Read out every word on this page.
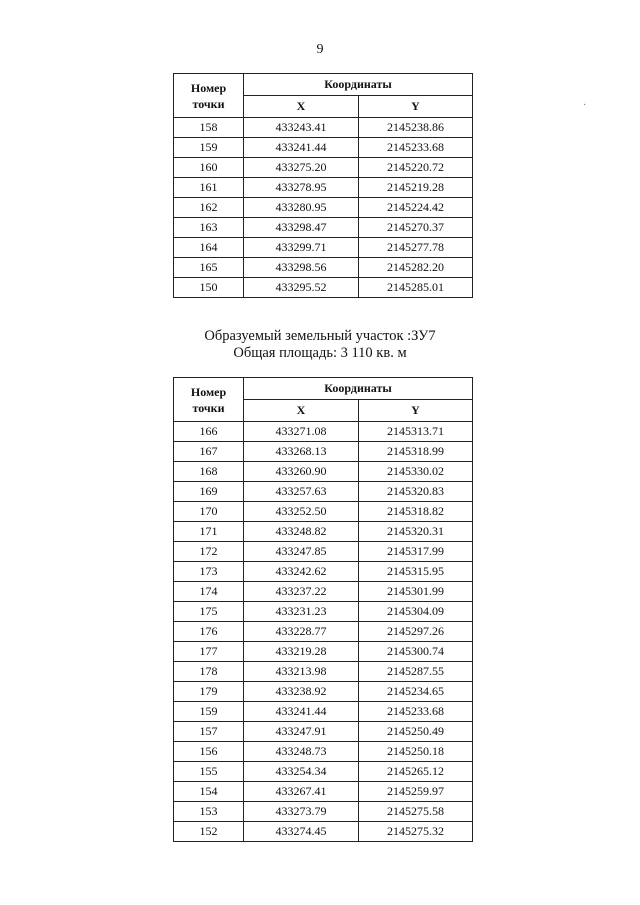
9
·
Номер точки	Координаты	
	X	Y
158	433243.41	2145238.86
159	433241.44	2145233.68
160	433275.20	2145220.72
161	433278.95	2145219.28
162	433280.95	2145224.42
163	433298.47	2145270.37
164	433299.71	2145277.78
165	433298.56	2145282.20
150	433295.52	2145285.01
Образуемый земельный участок :ЗУ7
Общая площадь: 3 110 кв. м
Номер точки	Координаты	
	X	Y
166	433271.08	2145313.71
167	433268.13	2145318.99
168	433260.90	2145330.02
169	433257.63	2145320.83
170	433252.50	2145318.82
171	433248.82	2145320.31
172	433247.85	2145317.99
173	433242.62	2145315.95
174	433237.22	2145301.99
175	433231.23	2145304.09
176	433228.77	2145297.26
177	433219.28	2145300.74
178	433213.98	2145287.55
179	433238.92	2145234.65
159	433241.44	2145233.68
157	433247.91	2145250.49
156	433248.73	2145250.18
155	433254.34	2145265.12
154	433267.41	2145259.97
153	433273.79	2145275.58
152	433274.45	2145275.32
